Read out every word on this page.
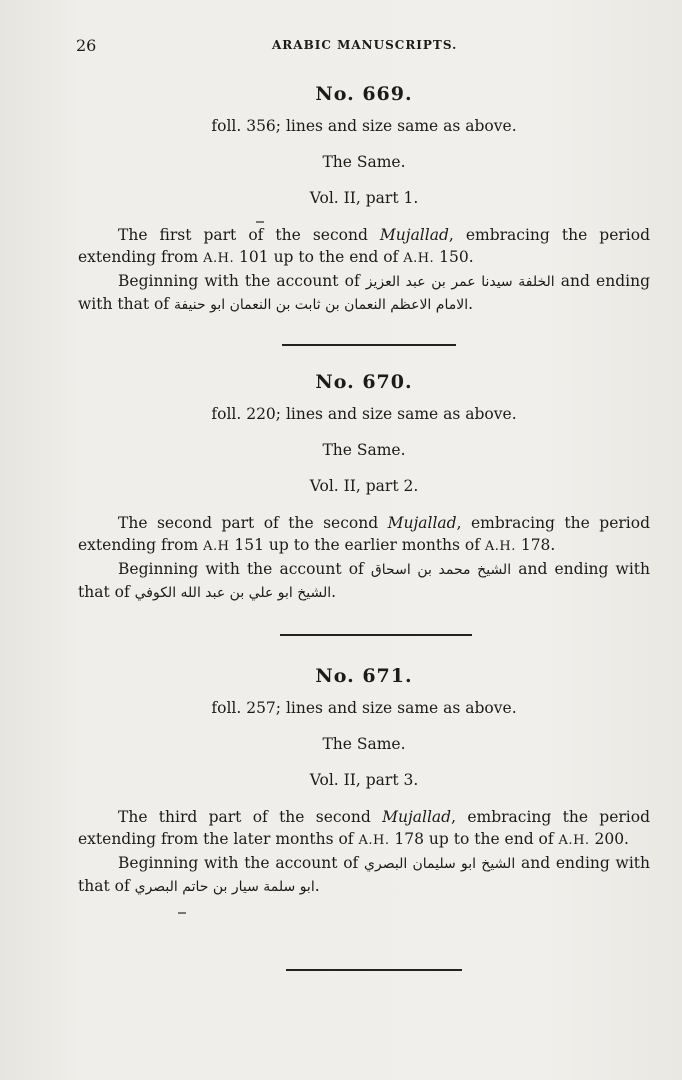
26	ARABIC MANUSCRIPTS.
No. 669.
foll. 356; lines and size same as above.
The Same.
Vol. II, part 1.

The first part of the second Mujallad, embracing the period extending from A.H. 101 up to the end of A.H. 150.

Beginning with the account of الخلفة سيدنا عمر بن عبد العزيز and ending with that of الامام الاعظم النعمان بن ثابت بن النعمان ابو حنيفة.

No. 670.
foll. 220; lines and size same as above.
The Same.
Vol. II, part 2.

The second part of the second Mujallad, embracing the period extending from A.H 151 up to the earlier months of A.H. 178.

Beginning with the account of الشيخ محمد بن اسحاق and ending with that of الشيخ ابو علي بن عبد الله الكوفي.

No. 671.
foll. 257; lines and size same as above.
The Same.
Vol. II, part 3.

The third part of the second Mujallad, embracing the period extending from the later months of A.H. 178 up to the end of A.H. 200.

Beginning with the account of الشيخ ابو سليمان البصري and ending with that of ابو سلمة سيار بن حاتم البصري.
